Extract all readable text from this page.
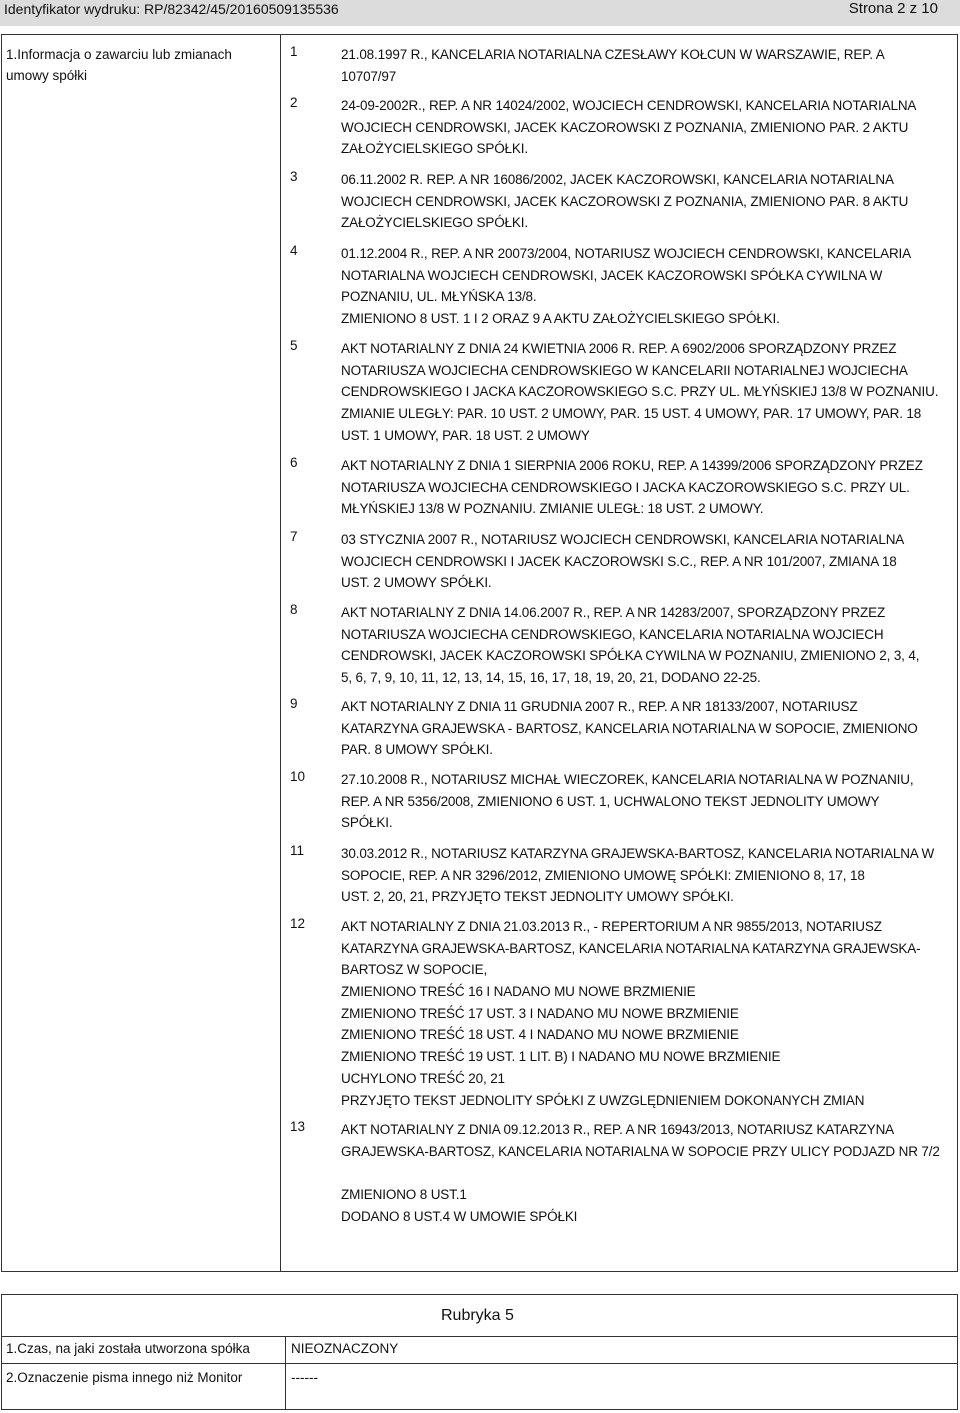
Identyfikator wydruku: RP/82342/45/20160509135536	Strona 2 z 10
1.Informacja o zawarciu lub zmianach
umowy spółki
1	21.08.1997 R., KANCELARIA NOTARIALNA CZESŁAWY KOŁCUN W WARSZAWIE, REP. A
10707/97
2	24-09-2002R., REP. A NR 14024/2002, WOJCIECH CENDROWSKI, KANCELARIA NOTARIALNA
WOJCIECH CENDROWSKI, JACEK KACZOROWSKI Z POZNANIA, ZMIENIONO PAR. 2 AKTU
ZAŁOŻYCIELSKIEGO SPÓŁKI.
3	06.11.2002 R. REP. A NR 16086/2002, JACEK KACZOROWSKI, KANCELARIA NOTARIALNA
WOJCIECH CENDROWSKI, JACEK KACZOROWSKI Z POZNANIA, ZMIENIONO PAR. 8 AKTU
ZAŁOŻYCIELSKIEGO SPÓŁKI.
4	01.12.2004 R., REP. A NR 20073/2004, NOTARIUSZ WOJCIECH CENDROWSKI, KANCELARIA
NOTARIALNA WOJCIECH CENDROWSKI, JACEK KACZOROWSKI SPÓŁKA CYWILNA W
POZNANIU, UL. MŁYŃSKA 13/8.
ZMIENIONO 8 UST. 1 I 2 ORAZ 9 A AKTU ZAŁOŻYCIELSKIEGO SPÓŁKI.
5	AKT NOTARIALNY Z DNIA 24 KWIETNIA 2006 R. REP. A 6902/2006 SPORZĄDZONY PRZEZ
NOTARIUSZA WOJCIECHA CENDROWSKIEGO W KANCELARII NOTARIALNEJ WOJCIECHA
CENDROWSKIEGO I JACKA KACZOROWSKIEGO S.C. PRZY UL. MŁYŃSKIEJ 13/8 W POZNANIU.
ZMIANIE ULEGŁY: PAR. 10 UST. 2 UMOWY, PAR. 15 UST. 4 UMOWY, PAR. 17 UMOWY, PAR. 18
UST. 1 UMOWY, PAR. 18 UST. 2 UMOWY
6	AKT NOTARIALNY Z DNIA 1 SIERPNIA 2006 ROKU, REP. A 14399/2006 SPORZĄDZONY PRZEZ
NOTARIUSZA WOJCIECHA CENDROWSKIEGO I JACKA KACZOROWSKIEGO S.C. PRZY UL.
MŁYŃSKIEJ 13/8 W POZNANIU. ZMIANIE ULEGŁ: 18 UST. 2 UMOWY.
7	03 STYCZNIA 2007 R., NOTARIUSZ WOJCIECH CENDROWSKI, KANCELARIA NOTARIALNA
WOJCIECH CENDROWSKI I JACEK KACZOROWSKI S.C., REP. A NR 101/2007, ZMIANA 18
UST. 2 UMOWY SPÓŁKI.
8	AKT NOTARIALNY Z DNIA 14.06.2007 R., REP. A NR 14283/2007, SPORZĄDZONY PRZEZ
NOTARIUSZA WOJCIECHA CENDROWSKIEGO, KANCELARIA NOTARIALNA WOJCIECH
CENDROWSKI, JACEK KACZOROWSKI SPÓŁKA CYWILNA W POZNANIU, ZMIENIONO 2, 3, 4,
5, 6, 7, 9, 10, 11, 12, 13, 14, 15, 16, 17, 18, 19, 20, 21, DODANO 22-25.
9	AKT NOTARIALNY Z DNIA 11 GRUDNIA 2007 R., REP. A NR 18133/2007, NOTARIUSZ
KATARZYNA GRAJEWSKA - BARTOSZ, KANCELARIA NOTARIALNA W SOPOCIE, ZMIENIONO
PAR. 8 UMOWY SPÓŁKI.
10	27.10.2008 R., NOTARIUSZ MICHAŁ WIECZOREK, KANCELARIA NOTARIALNA W POZNANIU,
REP. A NR 5356/2008, ZMIENIONO 6 UST. 1, UCHWALONO TEKST JEDNOLITY UMOWY
SPÓŁKI.
11	30.03.2012 R., NOTARIUSZ KATARZYNA GRAJEWSKA-BARTOSZ, KANCELARIA NOTARIALNA W
SOPOCIE, REP. A NR 3296/2012, ZMIENIONO UMOWĘ SPÓŁKI: ZMIENIONO 8, 17, 18
UST. 2, 20, 21, PRZYJĘTO TEKST JEDNOLITY UMOWY SPÓŁKI.
12	AKT NOTARIALNY Z DNIA 21.03.2013 R., - REPERTORIUM A NR 9855/2013, NOTARIUSZ
KATARZYNA GRAJEWSKA-BARTOSZ, KANCELARIA NOTARIALNA KATARZYNA GRAJEWSKA-
BARTOSZ W SOPOCIE,
ZMIENIONO TREŚĆ 16 I NADANO MU NOWE BRZMIENIE
ZMIENIONO TREŚĆ 17 UST. 3 I NADANO MU NOWE BRZMIENIE
ZMIENIONO TREŚĆ 18 UST. 4 I NADANO MU NOWE BRZMIENIE
ZMIENIONO TREŚĆ 19 UST. 1 LIT. B) I NADANO MU NOWE BRZMIENIE
UCHYLONO TREŚĆ 20, 21
PRZYJĘTO TEKST JEDNOLITY SPÓŁKI Z UWZGLĘDNIENIEM DOKONANYCH ZMIAN
13	AKT NOTARIALNY Z DNIA 09.12.2013 R., REP. A NR 16943/2013, NOTARIUSZ KATARZYNA
GRAJEWSKA-BARTOSZ, KANCELARIA NOTARIALNA W SOPOCIE PRZY ULICY PODJAZD NR 7/2
ZMIENIONO 8 UST.1
DODANO 8 UST.4 W UMOWIE SPÓŁKI
Rubryka 5
1.Czas, na jaki została utworzona spółka	NIEOZNACZONY
2.Oznaczenie pisma innego niż Monitor	------
